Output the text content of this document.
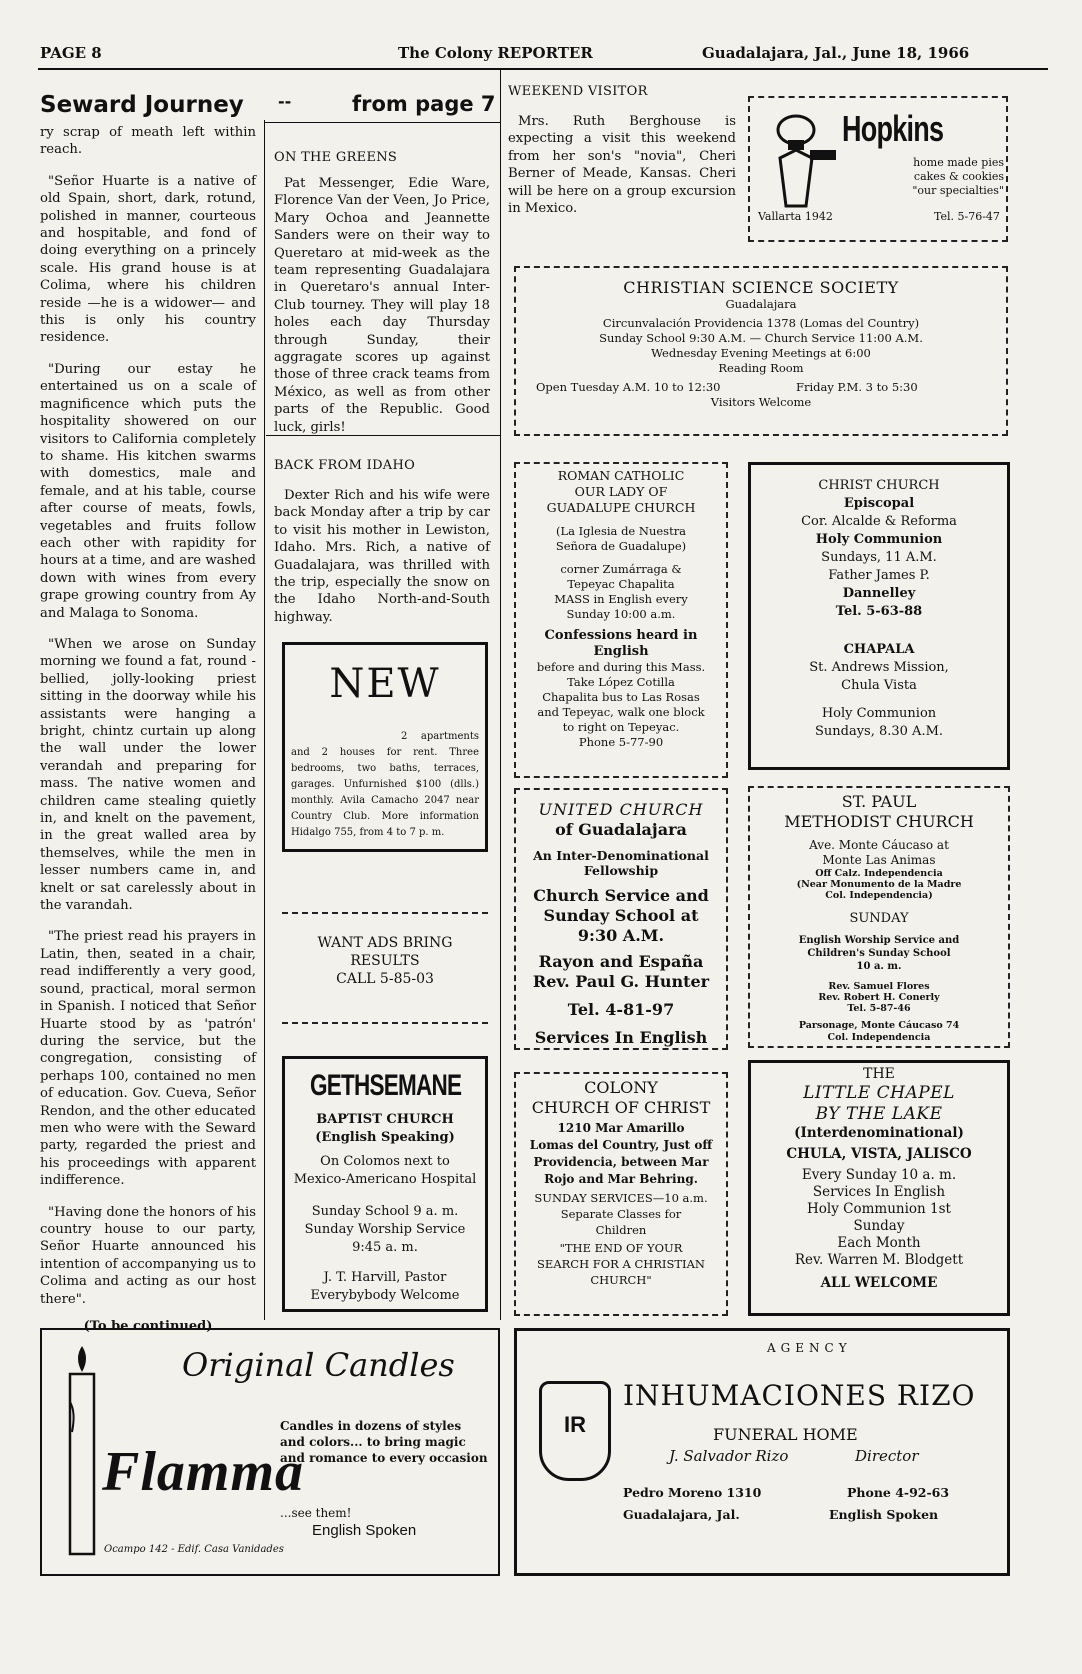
PAGE 8	The Colony REPORTER	Guadalajara, Jal., June 18, 1966
Seward Journey --	from page 7

ry scrap of meath left within reach.

"Señor Huarte is a native of old Spain, short, dark, rotund, polished in manner, courteous and hospitable, and fond of doing everything on a princely scale. His grand house is at Colima, where his children reside —he is a widower— and this is only his country residence.

"During our estay he entertained us on a scale of magnificence which puts the hospitality showered on our visitors to California completely to shame. His kitchen swarms with domestics, male and female, and at his table, course after course of meats, fowls, vegetables and fruits follow each other with rapidity for hours at a time, and are washed down with wines from every grape growing country from Ay and Malaga to Sonoma.

"When we arose on Sunday morning we found a fat, round -bellied, jolly-looking priest sitting in the doorway while his assistants were hanging a bright, chintz curtain up along the wall under the lower verandah and preparing for mass. The native women and children came stealing quietly in, and knelt on the pavement, in the great walled area by themselves, while the men in lesser numbers came in, and knelt or sat carelessly about in the varandah.

"The priest read his prayers in Latin, then, seated in a chair, read indifferently a very good, sound, practical, moral sermon in Spanish. I noticed that Señor Huarte stood by as 'patrón' during the service, but the congregation, consisting of perhaps 100, contained no men of education. Gov. Cueva, Señor Rendon, and the other educated men who were with the Seward party, regarded the priest and his proceedings with apparent indifference.

"Having done the honors of his country house to our party, Señor Huarte announced his intention of accompanying us to Colima and acting as our host there".

(To be continued)
ON THE GREENS
Pat Messenger, Edie Ware, Florence Van der Veen, Jo Price, Mary Ochoa and Jeannette Sanders were on their way to Queretaro at mid-week as the team representing Guadalajara in Queretaro's annual Inter-Club tourney. They will play 18 holes each day Thursday through Sunday, their aggragate scores up against those of three crack teams from México, as well as from other parts of the Republic. Good luck, girls!
BACK FROM IDAHO
Dexter Rich and his wife were back Monday after a trip by car to visit his mother in Lewiston, Idaho. Mrs. Rich, a native of Guadalajara, was thrilled with the trip, especially the snow on the Idaho North-and-South highway.
NEW
2 apartments and 2 houses for rent. Three bedrooms, two baths, terraces, garages. Unfurnished $100 (dlls.) monthly. Avila Camacho 2047 near Country Club. More information Hidalgo 755, from 4 to 7 p. m.
WANT ADS BRING
RESULTS
CALL 5-85-03
GETHSEMANE
BAPTIST CHURCH
(English Speaking)
On Colomos next to
Mexico-Americano Hospital
Sunday School 9 a. m.
Sunday Worship Service
9:45 a. m.
J. T. Harvill, Pastor
Everybybody Welcome
WEEKEND VISITOR
Mrs. Ruth Berghouse is expecting a visit this weekend from her son's "novia", Cheri Berner of Meade, Kansas. Cheri will be here on a group excursion in Mexico.
Hopkins
home made pies
cakes & cookies
"our specialties"
Vallarta 1942	Tel. 5-76-47
CHRISTIAN SCIENCE SOCIETY
Guadalajara
Circunvalación Providencia 1378 (Lomas del Country)
Sunday School 9:30 A.M. — Church Service 11:00 A.M.
Wednesday Evening Meetings at 6:00
Reading Room
Open Tuesday A.M. 10 to 12:30	Friday P.M. 3 to 5:30
Visitors Welcome
ROMAN CATHOLIC
OUR LADY OF
GUADALUPE CHURCH
(La Iglesia de Nuestra
Señora de Guadalupe)
corner Zumárraga &
Tepeyac Chapalita
MASS in English every
Sunday 10:00 a.m.
Confessions heard in English
before and during this Mass.
Take López Cotilla
Chapalita bus to Las Rosas
and Tepeyac, walk one block
to right on Tepeyac.
Phone 5-77-90
CHRIST CHURCH
Episcopal
Cor. Alcalde & Reforma
Holy Communion
Sundays, 11 A.M.
Father James P.
Dannelley
Tel. 5-63-88
CHAPALA
St. Andrews Mission,
Chula Vista
Holy Communion
Sundays, 8.30 A.M.
UNITED CHURCH
of Guadalajara
An Inter-Denominational
Fellowship
Church Service and
Sunday School at
9:30 A.M.
Rayon and España
Rev. Paul G. Hunter
Tel. 4-81-97
Services In English
ST. PAUL
METHODIST CHURCH
Ave. Monte Cáucaso at
Monte Las Animas
Off Calz. Independencia
(Near Monumento de la Madre
Col. Independencia)
SUNDAY
English Worship Service and
Children's Sunday School
10 a. m.
Rev. Samuel Flores
Rev. Robert H. Conerly
Tel. 5-87-46
Parsonage, Monte Cáucaso 74
Col. Independencia
COLONY
CHURCH OF CHRIST
1210 Mar Amarillo
Lomas del Country, Just off
Providencia, between Mar
Rojo and Mar Behring.
SUNDAY SERVICES—10 a.m.
Separate Classes for
Children
"THE END OF YOUR
SEARCH FOR A CHRISTIAN
CHURCH"
THE
LITTLE CHAPEL
BY THE LAKE
(Interdenominational)
CHULA, VISTA, JALISCO
Every Sunday 10 a. m.
Services In English
Holy Communion 1st
Sunday
Each Month
Rev. Warren M. Blodgett
ALL WELCOME
Original Candles
Flamma
Ocampo 142 - Edif. Casa Vanidades
Candles in dozens of styles and colors... to bring magic and romance to every occasion
...see them!
English Spoken
AGENCY
IR
INHUMACIONES RIZO
FUNERAL HOME
J. Salvador Rizo	Director
Pedro Moreno 1310
Guadalajara, Jal.
Phone 4-92-63
English Spoken
